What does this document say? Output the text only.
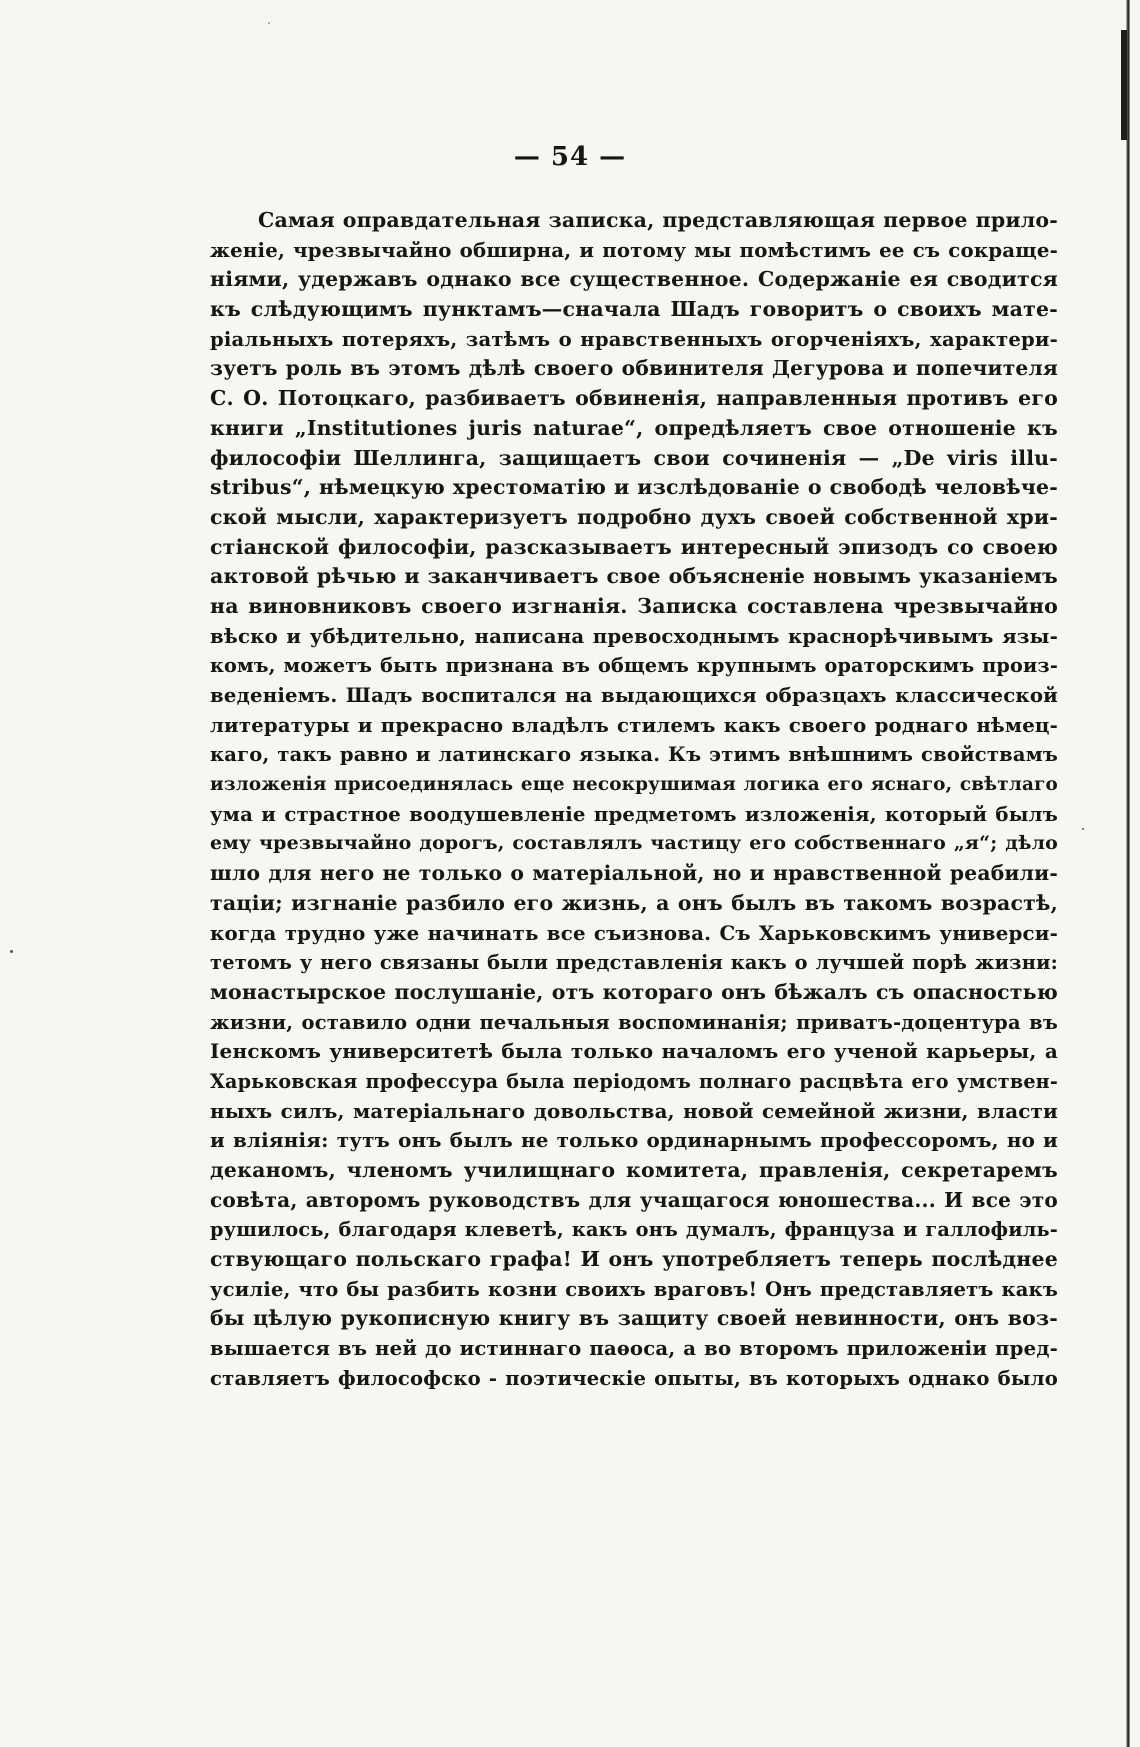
— 54 —
Самая оправдательная записка, представляющая первое прило-
женіе, чрезвычайно обширна, и потому мы помѣстимъ ее съ сокраще-
ніями, удержавъ однако все существенное. Содержаніе ея сводится
къ слѣдующимъ пунктамъ—сначала Шадъ говоритъ о своихъ мате-
ріальныхъ потеряхъ, затѣмъ о нравственныхъ огорченіяхъ, характери-
зуетъ роль въ этомъ дѣлѣ своего обвинителя Дегурова и попечителя
С. О. Потоцкаго, разбиваетъ обвиненія, направленныя противъ его
книги „Institutiones juris naturae“, опредѣляетъ свое отношеніе къ
философіи Шеллинга, защищаетъ свои сочиненія — „De viris illu-
stribus“, нѣмецкую хрестоматію и изслѣдованіе о свободѣ человѣче-
ской мысли, характеризуетъ подробно духъ своей собственной хри-
стіанской философіи, разсказываетъ интересный эпизодъ со своею
актовой рѣчью и заканчиваетъ свое объясненіе новымъ указаніемъ
на виновниковъ своего изгнанія. Записка составлена чрезвычайно
вѣско и убѣдительно, написана превосходнымъ краснорѣчивымъ язы-
комъ, можетъ быть признана въ общемъ крупнымъ ораторскимъ произ-
веденіемъ. Шадъ воспитался на выдающихся образцахъ классической
литературы и прекрасно владѣлъ стилемъ какъ своего роднаго нѣмец-
каго, такъ равно и латинскаго языка. Къ этимъ внѣшнимъ свойствамъ
изложенія присоединялась еще несокрушимая логика его яснаго, свѣтлаго
ума и страстное воодушевленіе предметомъ изложенія, который былъ
ему чрезвычайно дорогъ, составлялъ частицу его собственнаго „я“; дѣло
шло для него не только о матеріальной, но и нравственной реабили-
таціи; изгнаніе разбило его жизнь, а онъ былъ въ такомъ возрастѣ,
когда трудно уже начинать все съизнова. Съ Харьковскимъ универси-
тетомъ у него связаны были представленія какъ о лучшей порѣ жизни:
монастырское послушаніе, отъ котораго онъ бѣжалъ съ опасностью
жизни, оставило одни печальныя воспоминанія; приватъ-доцентура въ
Іенскомъ университетѣ была только началомъ его ученой карьеры, а
Харьковская профессура была періодомъ полнаго расцвѣта его умствен-
ныхъ силъ, матеріальнаго довольства, новой семейной жизни, власти
и вліянія: тутъ онъ былъ не только ординарнымъ профессоромъ, но и
деканомъ, членомъ училищнаго комитета, правленія, секретаремъ
совѣта, авторомъ руководствъ для учащагося юношества... И все это
рушилось, благодаря клеветѣ, какъ онъ думалъ, француза и галлофиль-
ствующаго польскаго графа! И онъ употребляетъ теперь послѣднее
усиліе, что бы разбить козни своихъ враговъ! Онъ представляетъ какъ
бы цѣлую рукописную книгу въ защиту своей невинности, онъ воз-
вышается въ ней до истиннаго паѳоса, а во второмъ приложеніи пред-
ставляетъ философско - поэтическіе опыты, въ которыхъ однако было
